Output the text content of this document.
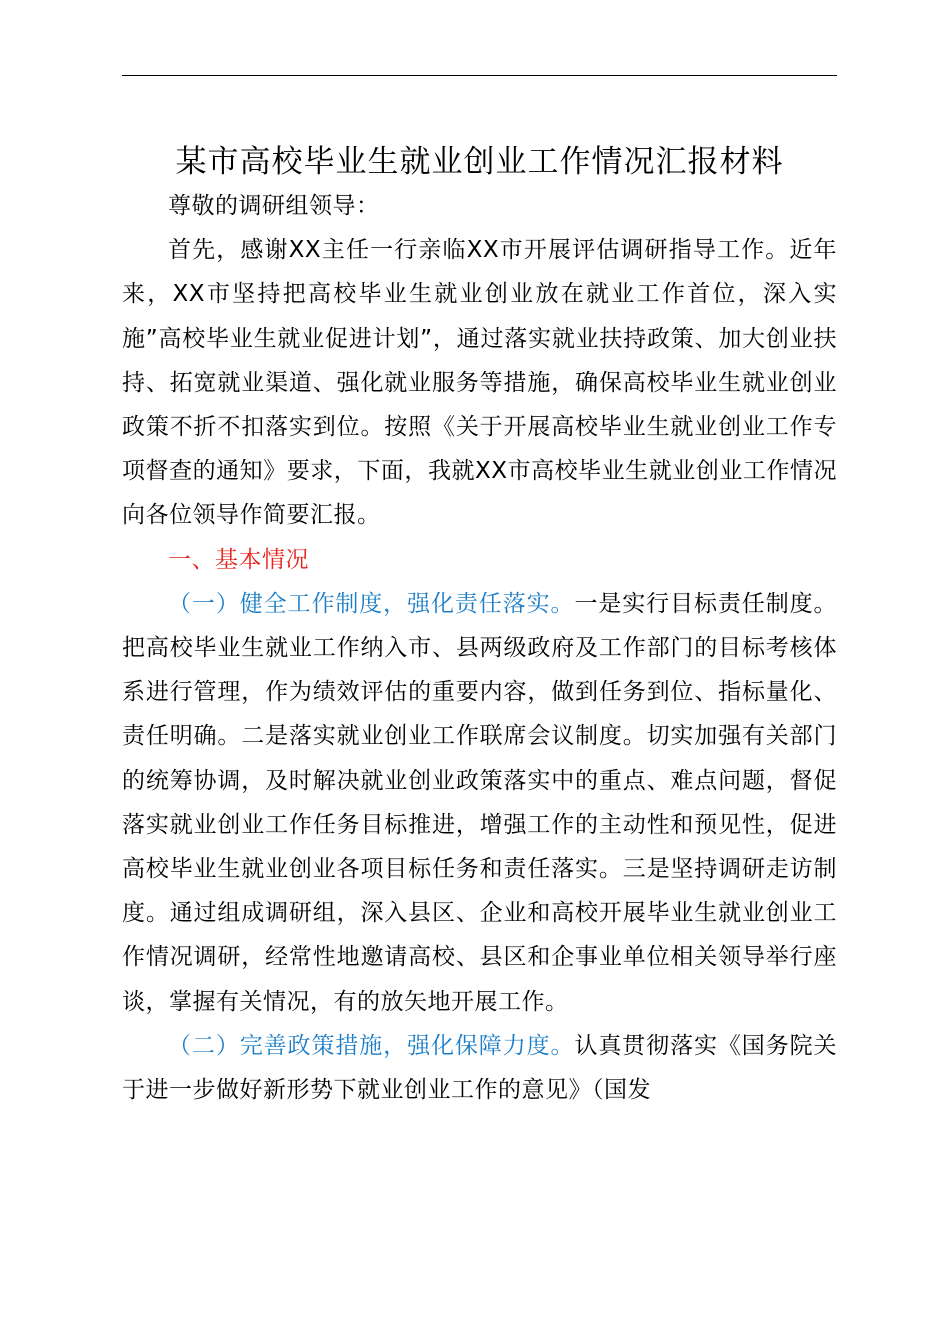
某市高校毕业生就业创业工作情况汇报材料

尊敬的调研组领导：

首先，感谢XX主任一行亲临XX市开展评估调研指导工作。近年来，XX市坚持把高校毕业生就业创业放在就业工作首位，深入实施”高校毕业生就业促进计划”，通过落实就业扶持政策、加大创业扶持、拓宽就业渠道、强化就业服务等措施，确保高校毕业生就业创业政策不折不扣落实到位。按照《关于开展高校毕业生就业创业工作专项督查的通知》要求，下面，我就XX市高校毕业生就业创业工作情况向各位领导作简要汇报。

一、基本情况

（一）健全工作制度，强化责任落实。一是实行目标责任制度。把高校毕业生就业工作纳入市、县两级政府及工作部门的目标考核体系进行管理，作为绩效评估的重要内容，做到任务到位、指标量化、责任明确。二是落实就业创业工作联席会议制度。切实加强有关部门的统筹协调，及时解决就业创业政策落实中的重点、难点问题，督促落实就业创业工作任务目标推进，增强工作的主动性和预见性，促进高校毕业生就业创业各项目标任务和责任落实。三是坚持调研走访制度。通过组成调研组，深入县区、企业和高校开展毕业生就业创业工作情况调研，经常性地邀请高校、县区和企事业单位相关领导举行座谈，掌握有关情况，有的放矢地开展工作。

（二）完善政策措施，强化保障力度。认真贯彻落实《国务院关于进一步做好新形势下就业创业工作的意见》（国发
